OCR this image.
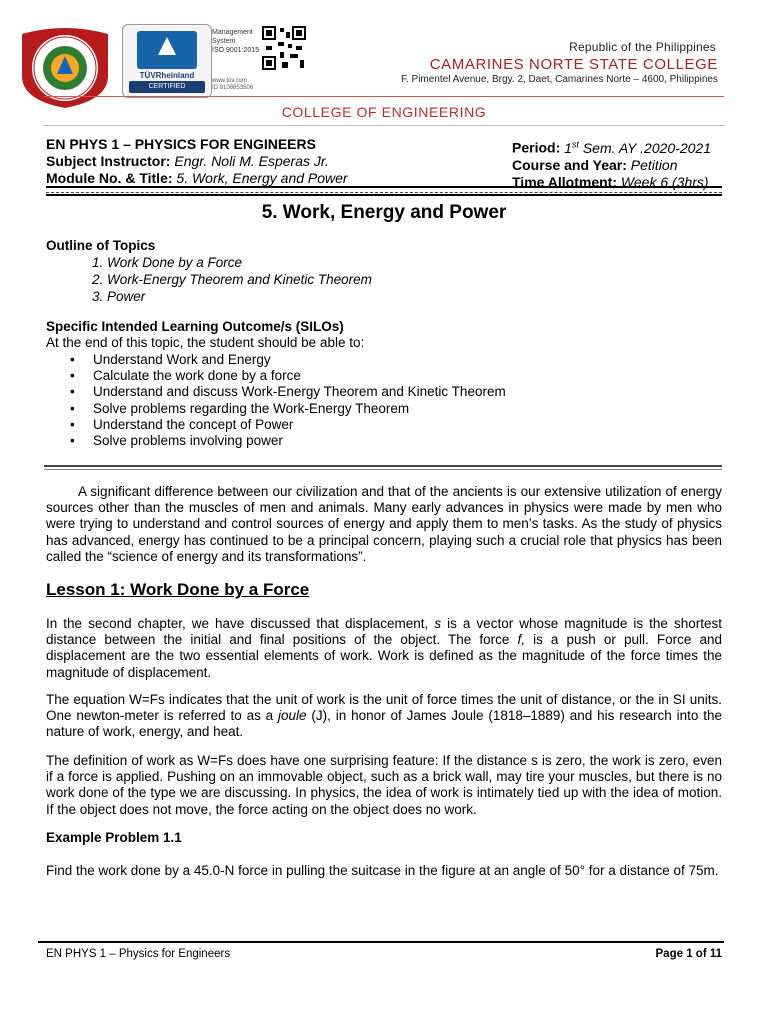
TÜVRheinland
CERTIFIED
Management
System
ISO 9001:2015
www.tuv.com
ID 9108653506
Republic of the Philippines
CAMARINES NORTE STATE COLLEGE
F. Pimentel Avenue, Brgy. 2, Daet, Camarines Norte – 4600, Philippines
COLLEGE OF ENGINEERING
EN PHYS 1 – PHYSICS FOR ENGINEERS
Subject Instructor: Engr. Noli M. Esperas Jr.
Module No. & Title: 5. Work, Energy and Power
Period: 1st Sem. AY .2020-2021
Course and Year: Petition
Time Allotment: Week 6 (3hrs)
5. Work, Energy and Power
Outline of Topics
1. Work Done by a Force
2. Work-Energy Theorem and Kinetic Theorem
3. Power
Specific Intended Learning Outcome/s (SILOs)
At the end of this topic, the student should be able to:
• Understand Work and Energy
• Calculate the work done by a force
• Understand and discuss Work-Energy Theorem and Kinetic Theorem
• Solve problems regarding the Work-Energy Theorem
• Understand the concept of Power
• Solve problems involving power
A significant difference between our civilization and that of the ancients is our extensive utilization of energy sources other than the muscles of men and animals. Many early advances in physics were made by men who were trying to understand and control sources of energy and apply them to men’s tasks. As the study of physics has advanced, energy has continued to be a principal concern, playing such a crucial role that physics has been called the “science of energy and its transformations”.
Lesson 1: Work Done by a Force
In the second chapter, we have discussed that displacement, s is a vector whose magnitude is the shortest distance between the initial and final positions of the object. The force f, is a push or pull. Force and displacement are the two essential elements of work. Work is defined as the magnitude of the force times the magnitude of displacement.
The equation W=Fs indicates that the unit of work is the unit of force times the unit of distance, or the in SI units. One newton-meter is referred to as a joule (J), in honor of James Joule (1818–1889) and his research into the nature of work, energy, and heat.
The definition of work as W=Fs does have one surprising feature: If the distance s is zero, the work is zero, even if a force is applied. Pushing on an immovable object, such as a brick wall, may tire your muscles, but there is no work done of the type we are discussing. In physics, the idea of work is intimately tied up with the idea of motion. If the object does not move, the force acting on the object does no work.
Example Problem 1.1
Find the work done by a 45.0-N force in pulling the suitcase in the figure at an angle of 50° for a distance of 75m.
EN PHYS 1 – Physics for Engineers	Page 1 of 11
